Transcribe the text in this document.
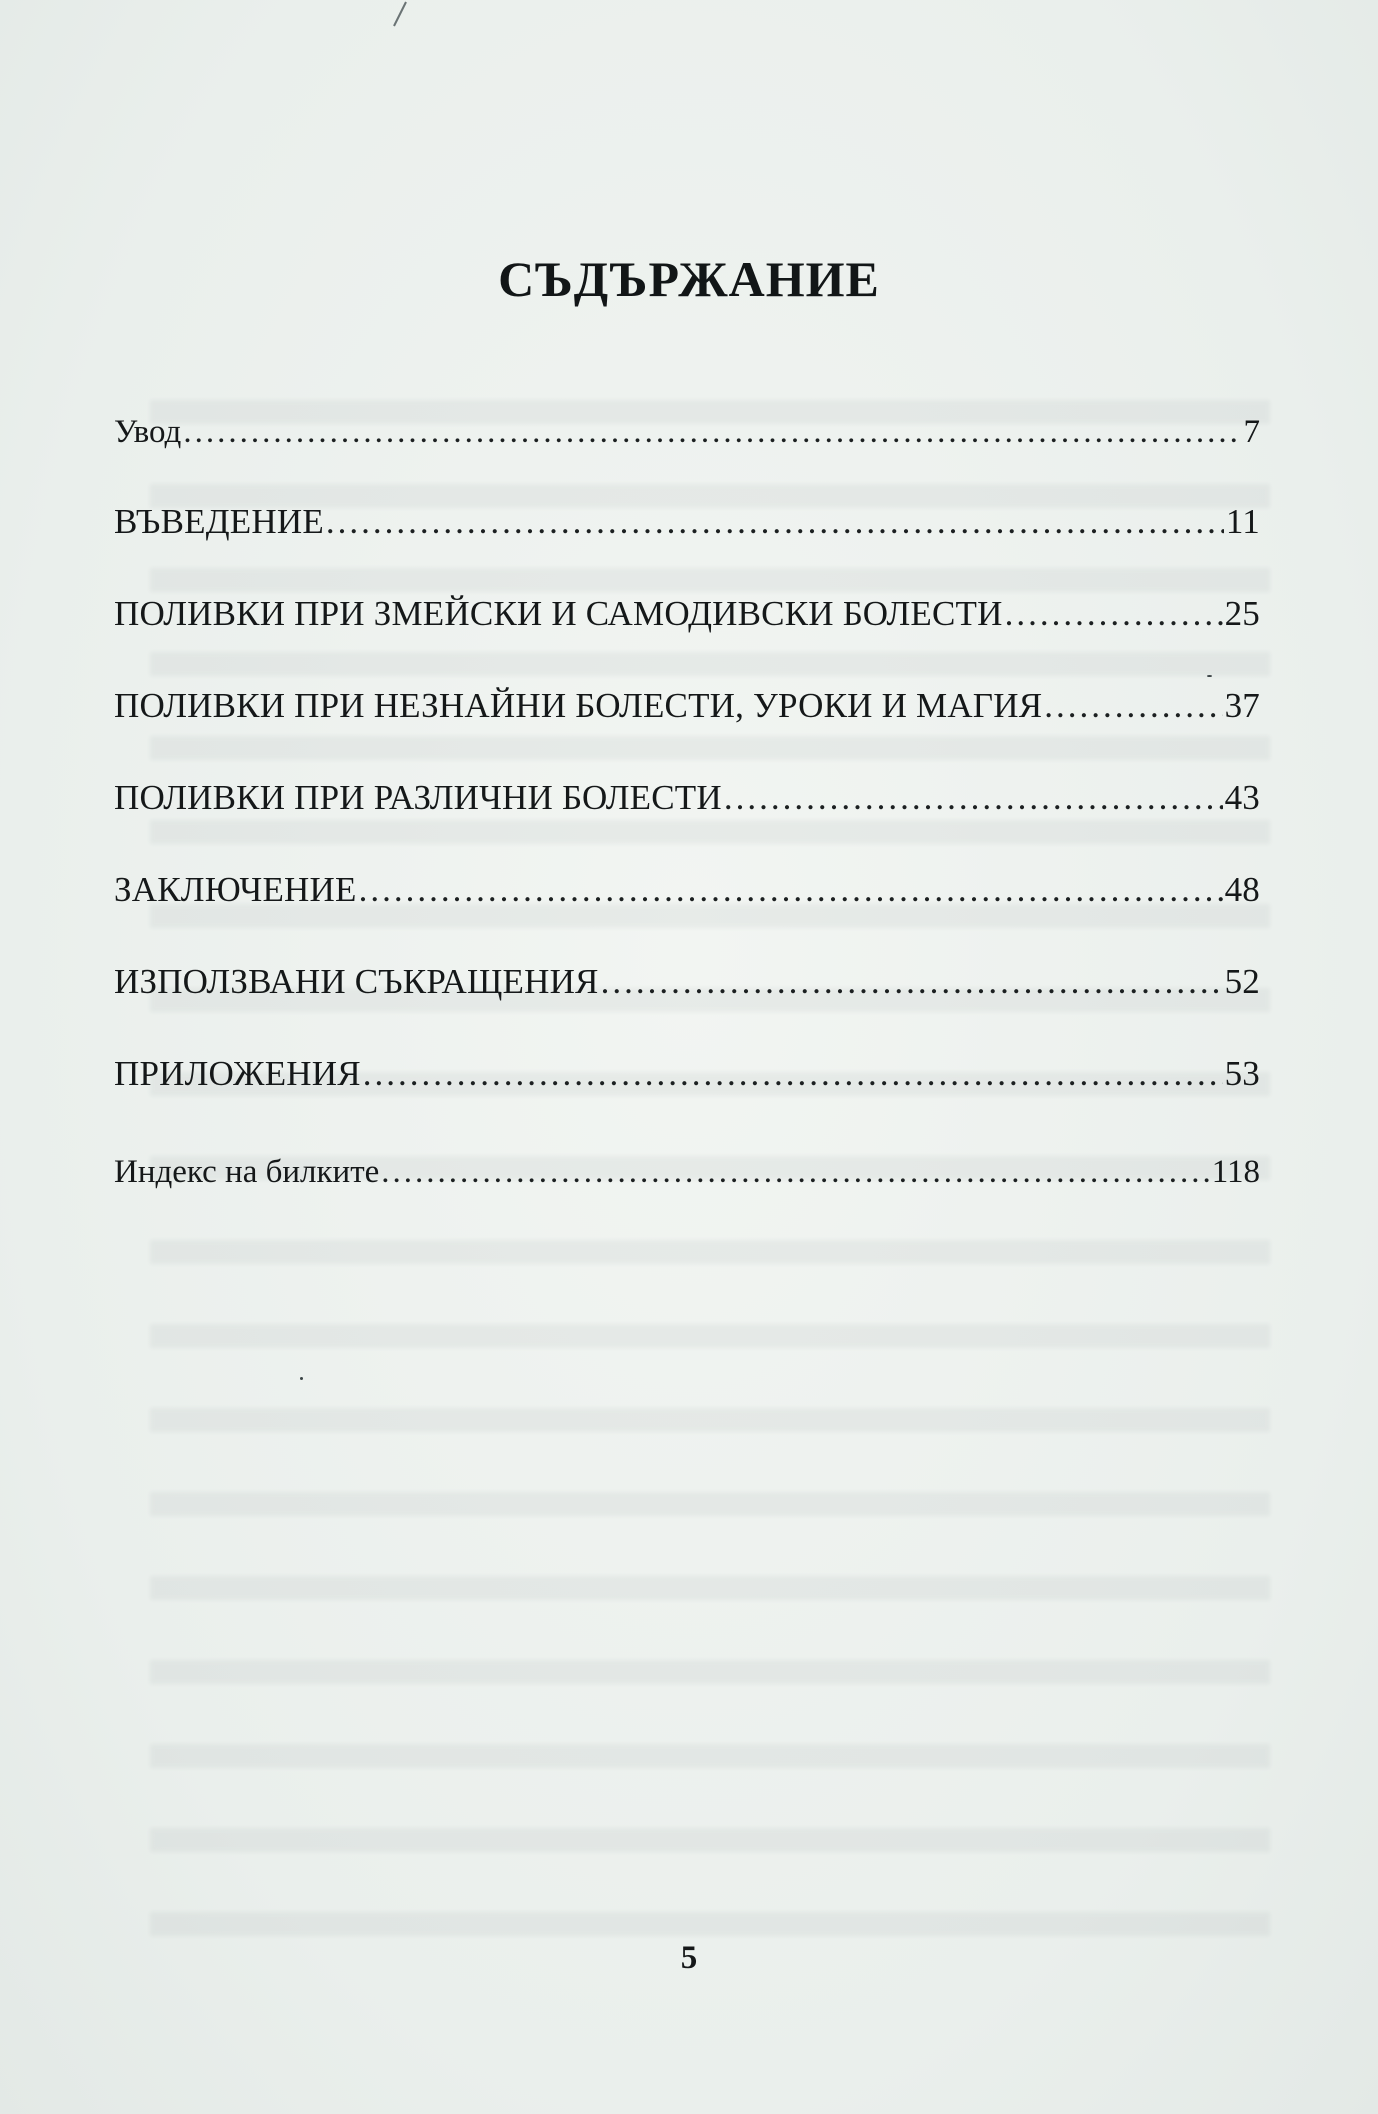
СЪДЪРЖАНИЕ
Увод .....	7
ВЪВЕДЕНИЕ .....	11
ПОЛИВКИ ПРИ ЗМЕЙСКИ И САМОДИВСКИ БОЛЕСТИ .....	25
ПОЛИВКИ ПРИ НЕЗНАЙНИ БОЛЕСТИ, УРОКИ И МАГИЯ .....	37
ПОЛИВКИ ПРИ РАЗЛИЧНИ БОЛЕСТИ .....	43
ЗАКЛЮЧЕНИЕ .....	48
ИЗПОЛЗВАНИ СЪКРАЩЕНИЯ .....	52
ПРИЛОЖЕНИЯ .....	53
Индекс на билките .....	118
5
